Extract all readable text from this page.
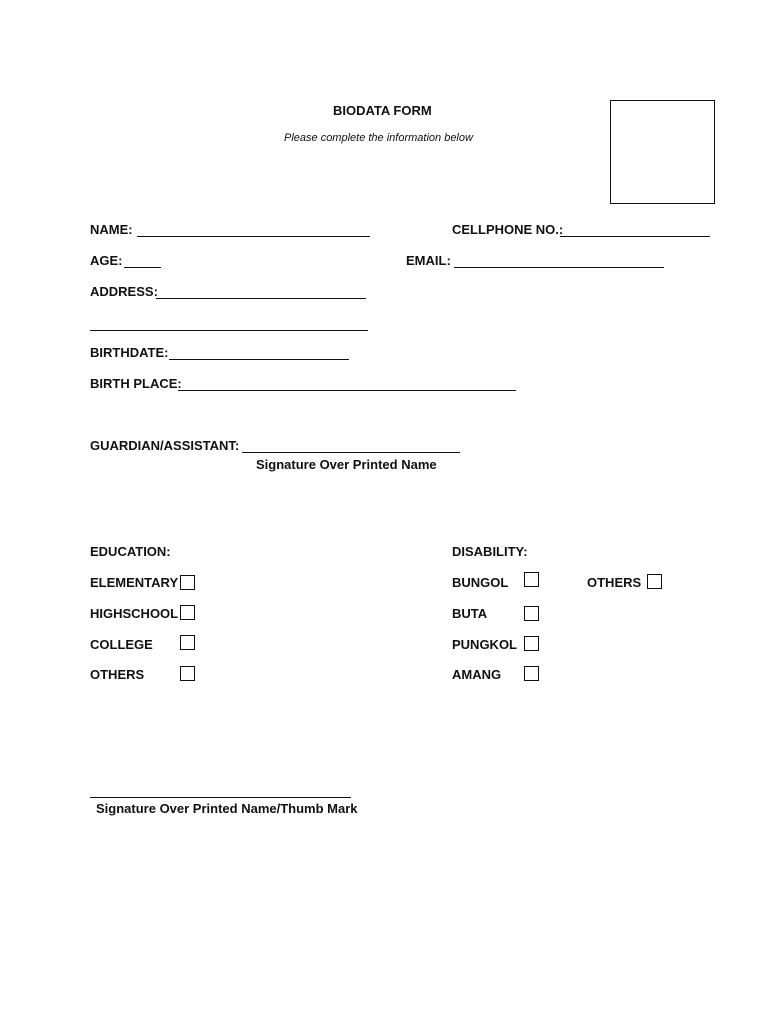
BIODATA FORM
Please complete the information below
NAME:	CELLPHONE NO.:
AGE:	EMAIL:
ADDRESS:
BIRTHDATE:
BIRTH PLACE:
GUARDIAN/ASSISTANT:
Signature Over Printed Name
EDUCATION:
ELEMENTARY
HIGHSCHOOL
COLLEGE
OTHERS
DISABILITY:
BUNGOL
BUTA
PUNGKOL
AMANG
OTHERS
Signature Over Printed Name/Thumb Mark
